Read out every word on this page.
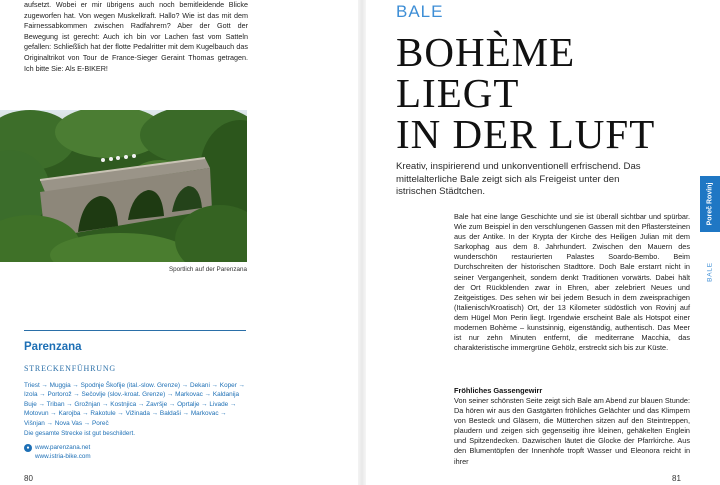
aufsetzt. Wobei er mir übrigens auch noch bemitleidende Blicke zugeworfen hat. Von wegen Muskelkraft. Hallo? Wie ist das mit dem Fairnessabkommen zwischen Radfahrern? Aber der Gott der Bewegung ist gerecht: Auch ich bin vor Lachen fast vom Satteln gefallen: Schließlich hat der flotte Pedalritter mit dem Kugelbauch das Originaltrikot von Tour de France-Sieger Geraint Thomas getragen. Ich bitte Sie: Als E-BIKER!

Sportlich auf der Parenzana
Parenzana
STRECKENFÜHRUNG

Triest → Muggia → Spodnje Škofije (ital.-slow. Grenze) → Dekani → Koper → Izola → Portorož → Sečovlje (slov.-kroat. Grenze) → Markovac → Kaldanija Buje → Triban → Grožnjan → Kostnjica → Završje → Oprtalje → Livade → Motovun → Karojba → Rakotule → Vižinada → Baldaši → Markovac → Višnjan → Nova Vas → Poreč

Die gesamte Strecke ist gut beschildert.
● www.parenzana.net
www.istria-bike.com
80
BALE
BOHÈME
LIEGT
IN DER LUFT

Kreativ, inspirierend und unkonventionell erfrischend. Das mittelalterliche Bale zeigt sich als Freigeist unter den istrischen Städtchen.

Bale hat eine lange Geschichte und sie ist überall sichtbar und spürbar. Wie zum Beispiel in den verschlungenen Gassen mit den Pflastersteinen aus der Antike. In der Krypta der Kirche des Heiligen Julian mit dem Sarkophag aus dem 8. Jahrhundert. Zwischen den Mauern des wunderschön restaurierten Palastes Soardo-Bembo. Beim Durchschreiten der historischen Stadttore. Doch Bale erstarrt nicht in seiner Vergangenheit, sondern denkt Traditionen vorwärts. Dabei hält der Ort Rückblenden zwar in Ehren, aber zelebriert Neues und Zeitgeistiges. Des sehen wir bei jedem Besuch in dem zweisprachigen (Italienisch/Kroatisch) Ort, der 13 Kilometer südöstlich von Rovinj auf dem Hügel Mon Perin liegt. Irgendwie erscheint Bale als Hotspot einer modernen Bohème – kunstsinnig, eigenständig, authentisch. Das Meer ist nur zehn Minuten entfernt, die mediterrane Macchia, das charakteristische immergrüne Gehölz, erstreckt sich bis zur Küste.

Fröhliches Gassengewirr

Von seiner schönsten Seite zeigt sich Bale am Abend zur blauen Stunde: Da hören wir aus den Gastgärten fröhliches Gelächter und das Klimpern von Besteck und Gläsern, die Mütterchen sitzen auf den Steintreppen, plaudern und zeigen sich gegenseitig ihre kleinen, gehäkelten Englein und Spitzendecken. Dazwischen läutet die Glocke der Pfarrkirche. Aus den Blumentöpfen der Innenhöfe tropft Wasser und Eleonora reicht in ihrer

Poreč Rovinj
BALE
81
